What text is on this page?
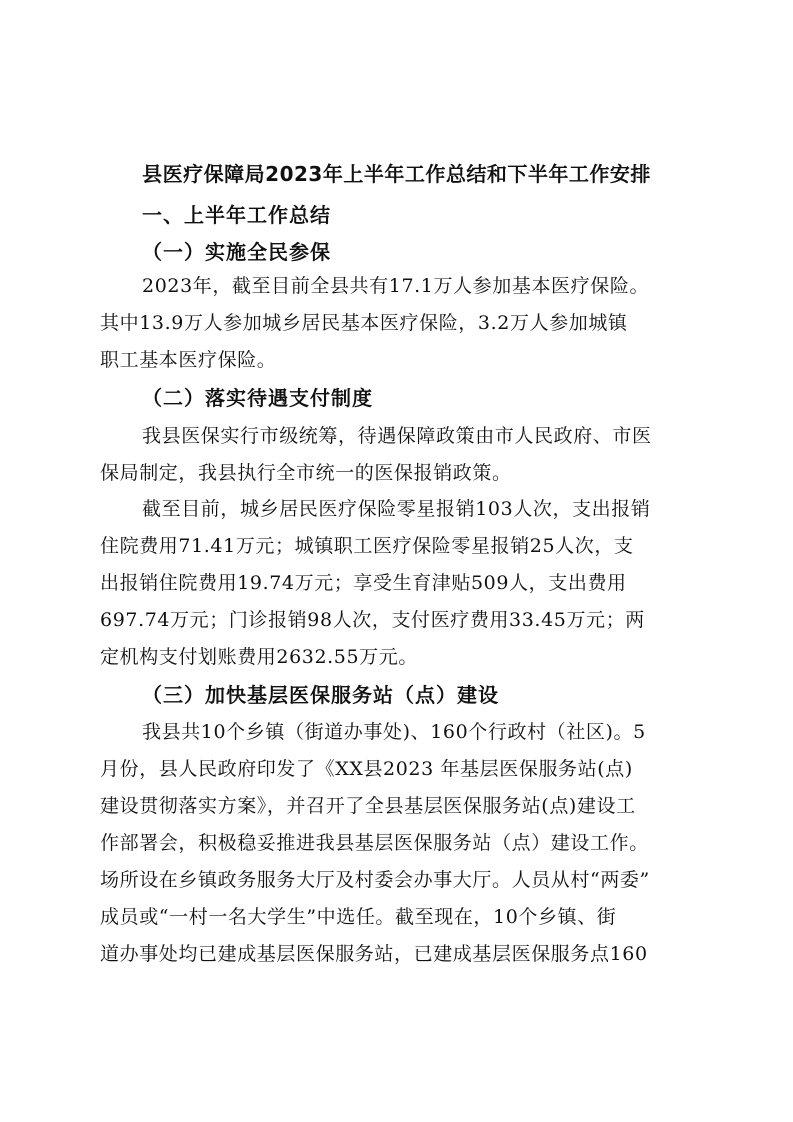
县医疗保障局2023年上半年工作总结和下半年工作安排
一、上半年工作总结
（一）实施全民参保
2023年，截至目前全县共有17.1万人参加基本医疗保险。
其中13.9万人参加城乡居民基本医疗保险，3.2万人参加城镇
职工基本医疗保险。
（二）落实待遇支付制度
我县医保实行市级统筹，待遇保障政策由市人民政府、市医
保局制定，我县执行全市统一的医保报销政策。
截至目前，城乡居民医疗保险零星报销103人次，支出报销
住院费用71.41万元；城镇职工医疗保险零星报销25人次，支
出报销住院费用19.74万元；享受生育津贴509人，支出费用
697.74万元；门诊报销98人次，支付医疗费用33.45万元；两
定机构支付划账费用2632.55万元。
（三）加快基层医保服务站（点）建设
我县共10个乡镇（街道办事处)、160个行政村（社区)。5
月份，县人民政府印发了《XX县2023 年基层医保服务站(点)
建设贯彻落实方案》，并召开了全县基层医保服务站(点)建设工
作部署会，积极稳妥推进我县基层医保服务站（点）建设工作。
场所设在乡镇政务服务大厅及村委会办事大厅。人员从村“两委”
成员或“一村一名大学生”中选任。截至现在，10个乡镇、街
道办事处均已建成基层医保服务站，已建成基层医保服务点160
